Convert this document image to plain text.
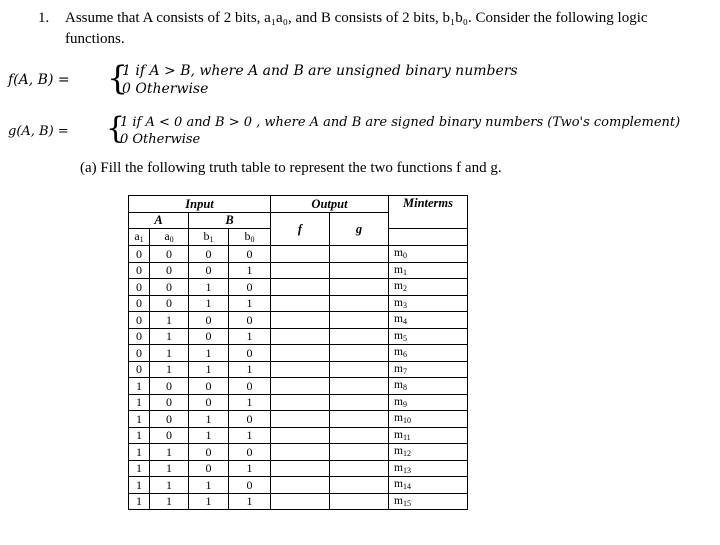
1. Assume that A consists of 2 bits, a₁a₀, and B consists of 2 bits, b₁b₀. Consider the following logic functions.
f(A, B) = {
1 if A > B, where A and B are unsigned binary numbers
0 Otherwise
g(A, B) = {
1 if A < 0 and B > 0 , where A and B are signed binary numbers (Two's complement)
0 Otherwise
(a) Fill the following truth table to represent the two functions f and g.
Input				Output		Minterms
A		B		f	g	
a1	a0	b1	b0			
0	0	0	0			m0
0	0	0	1			m1
0	0	1	0			m2
0	0	1	1			m3
0	1	0	0			m4
0	1	0	1			m5
0	1	1	0			m6
0	1	1	1			m7
1	0	0	0			m8
1	0	0	1			m9
1	0	1	0			m10
1	0	1	1			m11
1	1	0	0			m12
1	1	0	1			m13
1	1	1	0			m14
1	1	1	1			m15
